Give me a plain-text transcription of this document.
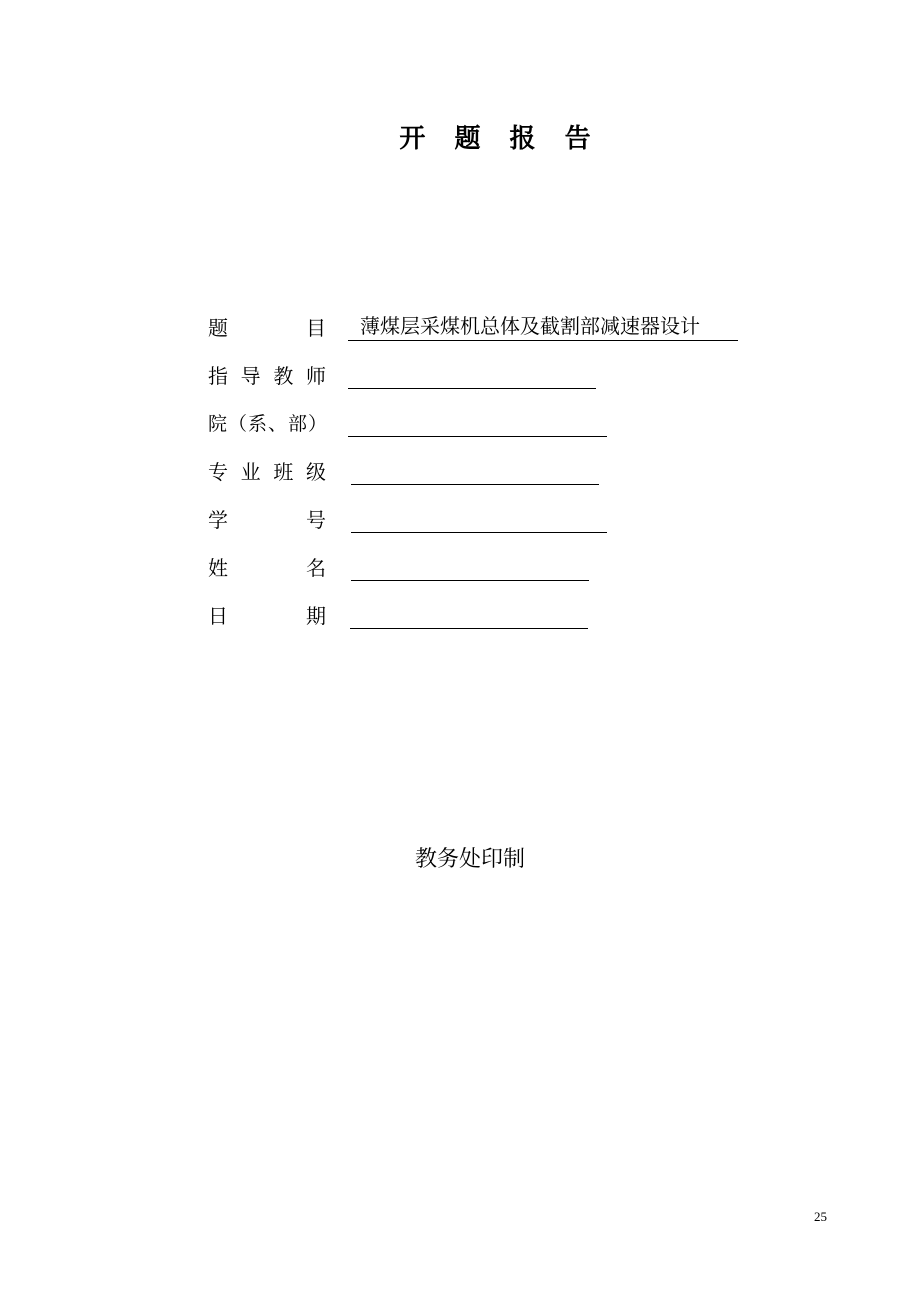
开 题 报 告
题	目	薄煤层采煤机总体及截割部减速器设计
指 导 教 师
院（系、部）
专 业 班 级
学	号
姓	名
日	期
教务处印制
25
